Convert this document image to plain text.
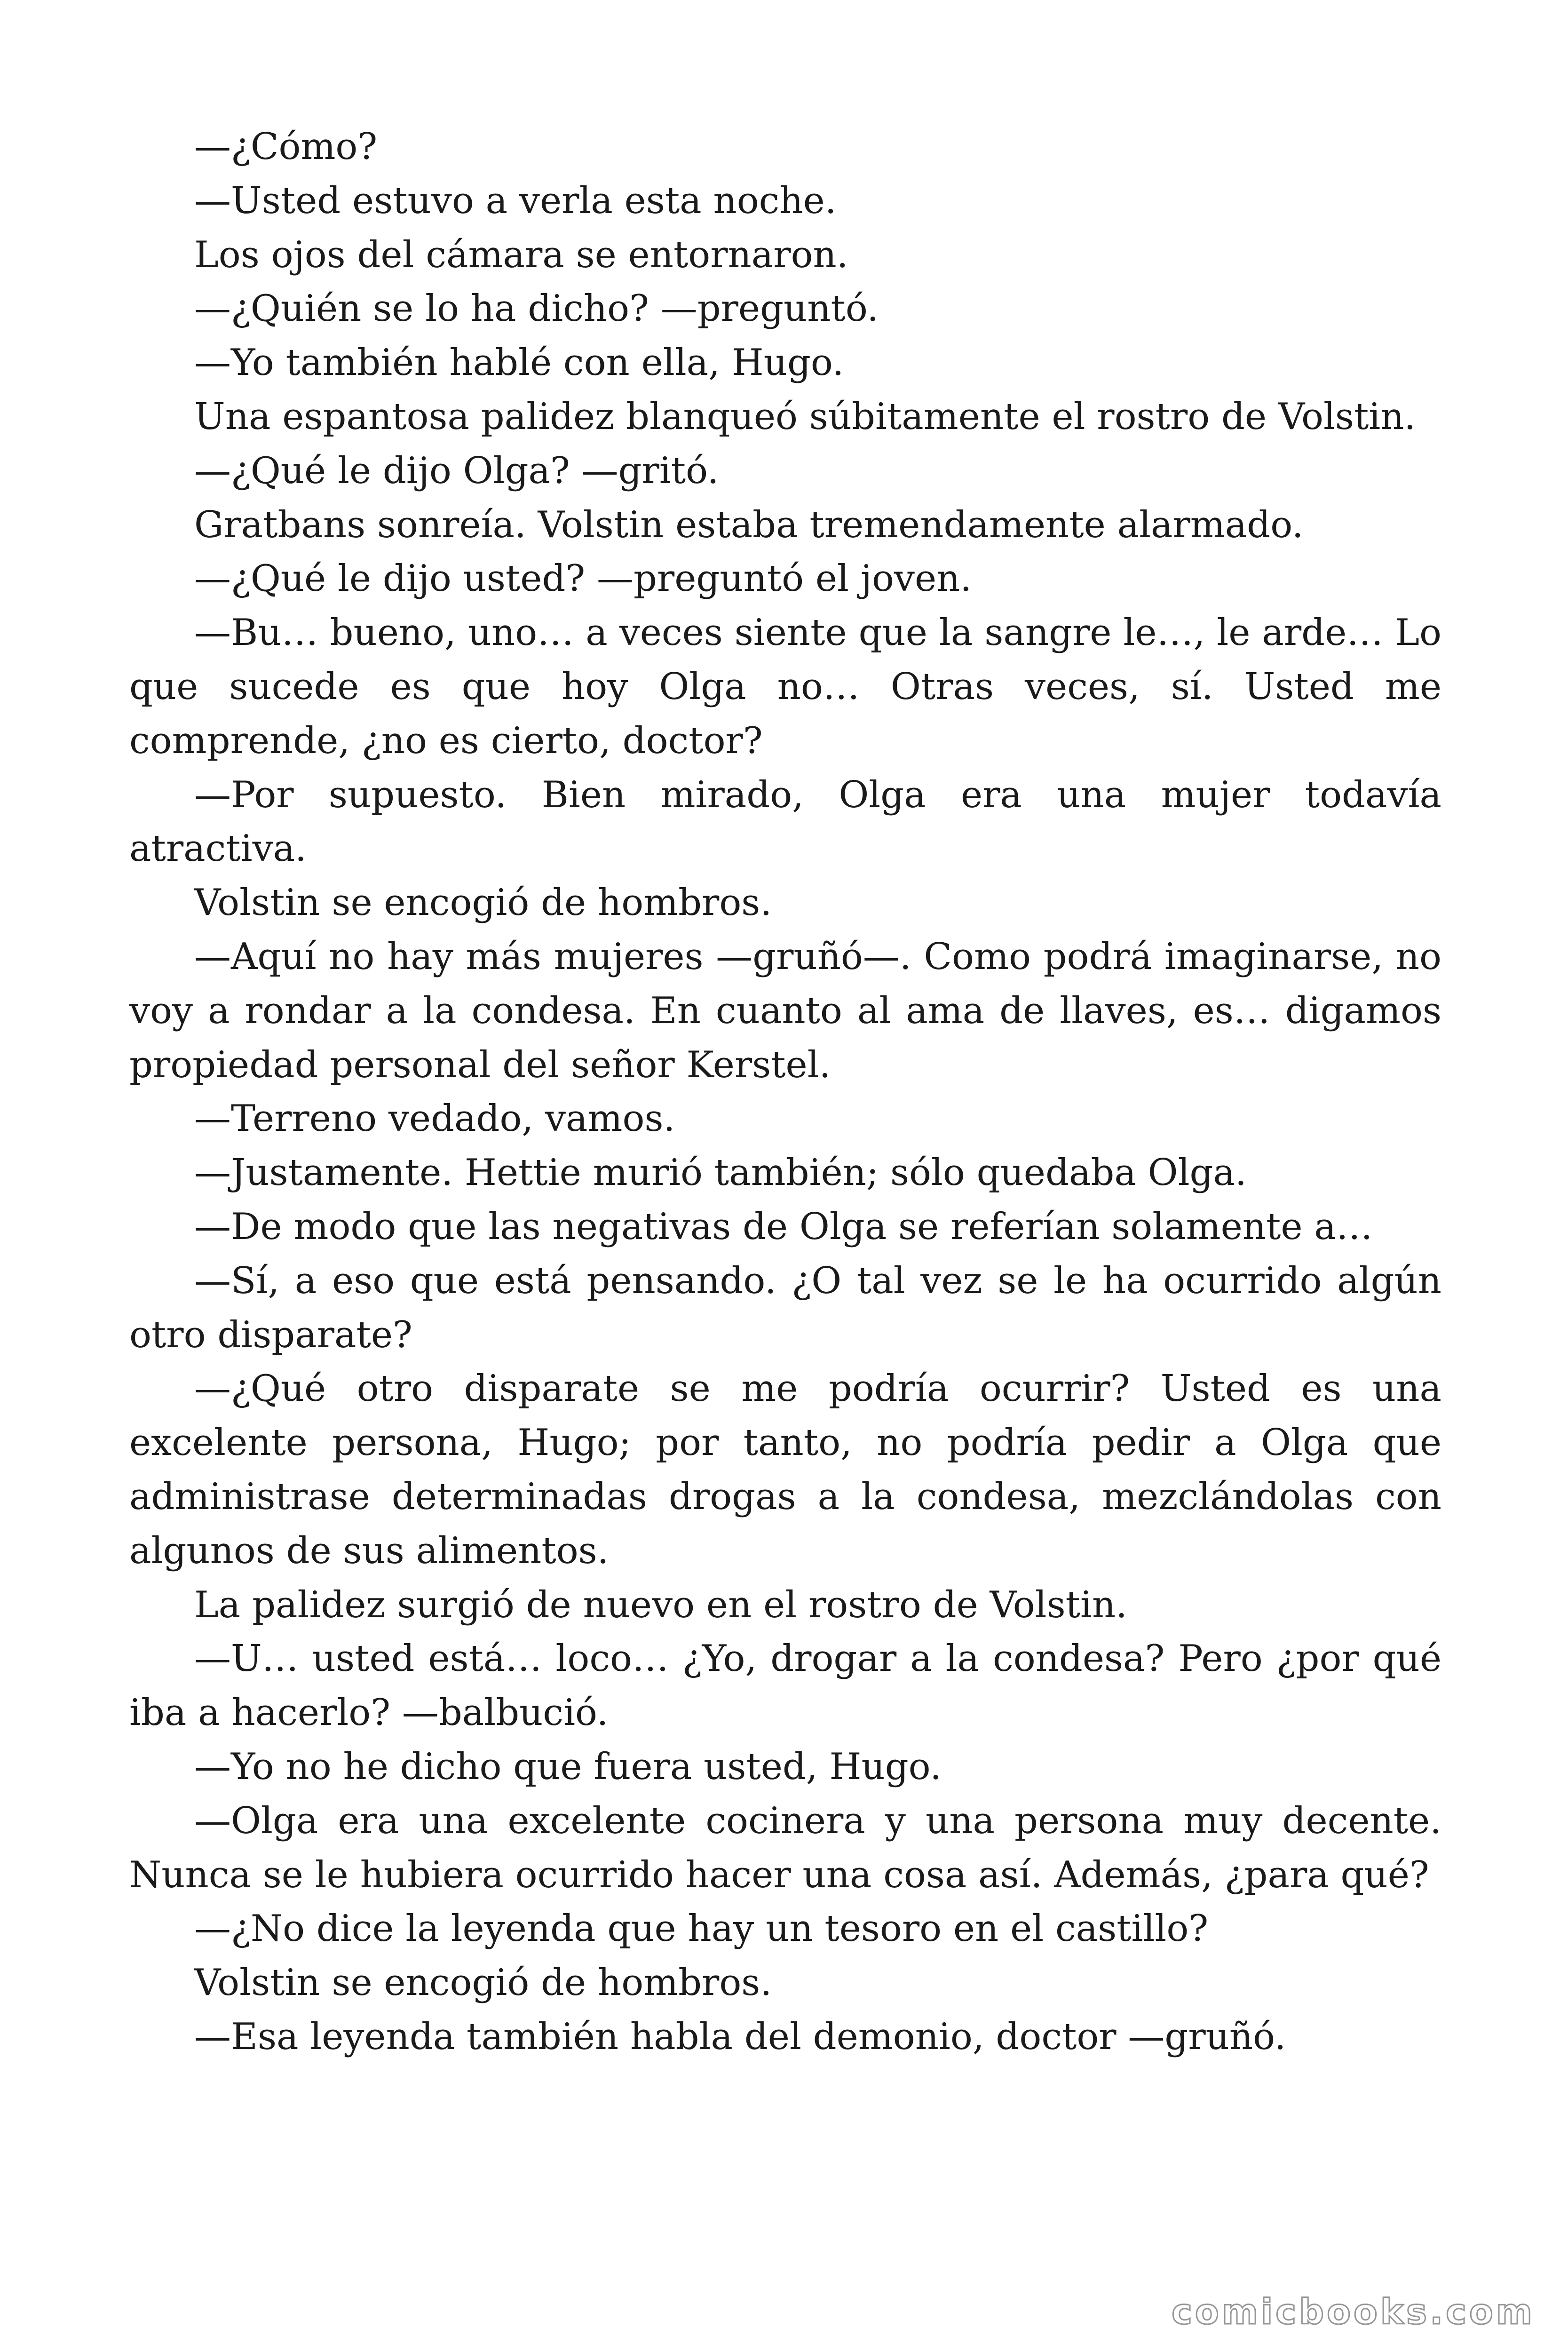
—¿Cómo?

—Usted estuvo a verla esta noche.

Los ojos del cámara se entornaron.

—¿Quién se lo ha dicho? —preguntó.

—Yo también hablé con ella, Hugo.

Una espantosa palidez blanqueó súbitamente el rostro de Volstin.

—¿Qué le dijo Olga? —gritó.

Gratbans sonreía. Volstin estaba tremendamente alarmado.

—¿Qué le dijo usted? —preguntó el joven.

—Bu… bueno, uno… a veces siente que la sangre le…, le arde… Lo que sucede es que hoy Olga no… Otras veces, sí. Usted me comprende, ¿no es cierto, doctor?

—Por supuesto. Bien mirado, Olga era una mujer todavía atractiva.

Volstin se encogió de hombros.

—Aquí no hay más mujeres —gruñó—. Como podrá imaginarse, no voy a rondar a la condesa. En cuanto al ama de llaves, es… digamos propiedad personal del señor Kerstel.

—Terreno vedado, vamos.

—Justamente. Hettie murió también; sólo quedaba Olga.

—De modo que las negativas de Olga se referían solamente a…

—Sí, a eso que está pensando. ¿O tal vez se le ha ocurrido algún otro disparate?

—¿Qué otro disparate se me podría ocurrir? Usted es una excelente persona, Hugo; por tanto, no podría pedir a Olga que administrase determinadas drogas a la condesa, mezclándolas con algunos de sus alimentos.

La palidez surgió de nuevo en el rostro de Volstin.

—U… usted está… loco… ¿Yo, drogar a la condesa? Pero ¿por qué iba a hacerlo? —balbució.

—Yo no he dicho que fuera usted, Hugo.

—Olga era una excelente cocinera y una persona muy decente. Nunca se le hubiera ocurrido hacer una cosa así. Además, ¿para qué?

—¿No dice la leyenda que hay un tesoro en el castillo?

Volstin se encogió de hombros.

—Esa leyenda también habla del demonio, doctor —gruñó.

comicbooks.com
